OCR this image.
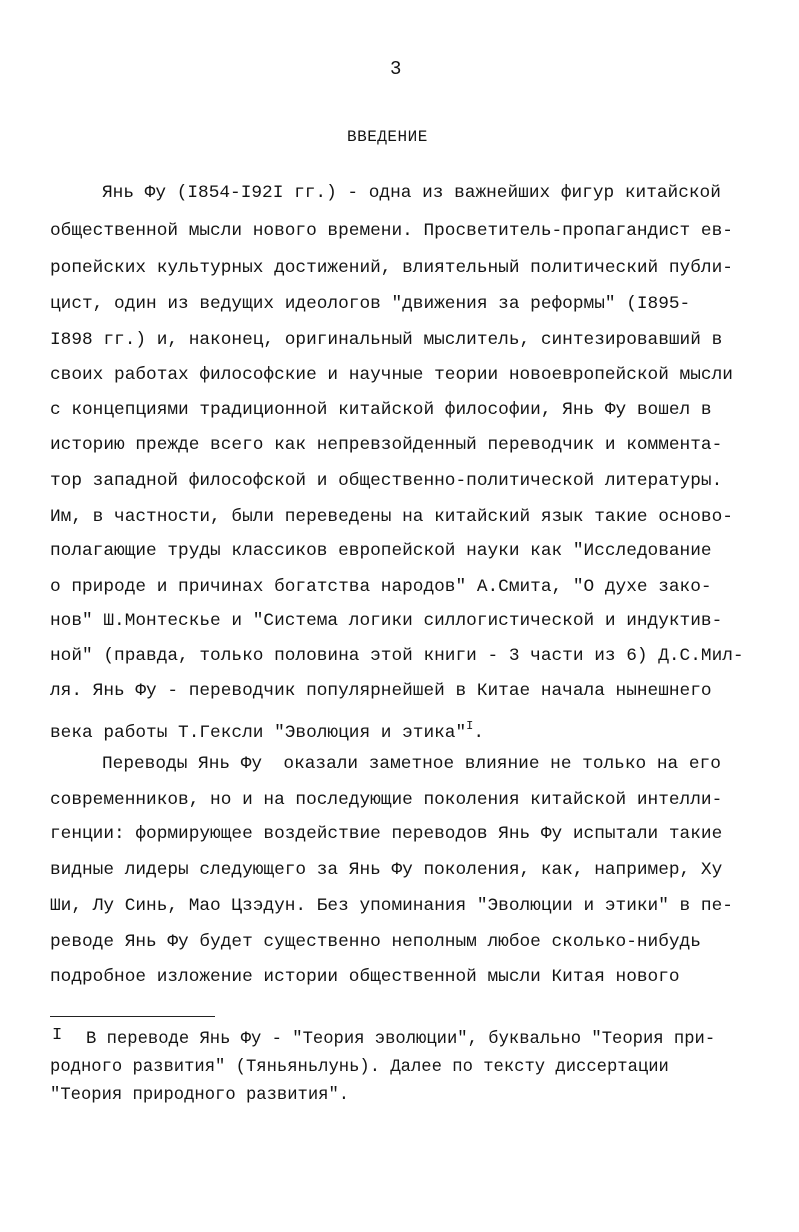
3
ВВЕДЕНИЕ
Янь Фу (I854-I92I гг.) - одна из важнейших фигур китайской
общественной мысли нового времени. Просветитель-пропагандист ев-
ропейских культурных достижений, влиятельный политический публи-
цист, один из ведущих идеологов "движения за реформы" (I895-
I898 гг.) и, наконец, оригинальный мыслитель, синтезировавший в
своих работах философские и научные теории новоевропейской мысли
с концепциями традиционной китайской философии, Янь Фу вошел в
историю прежде всего как непревзойденный переводчик и коммента-
тор западной философской и общественно-политической литературы.
Им, в частности, были переведены на китайский язык такие осново-
полагающие труды классиков европейской науки как "Исследование
о природе и причинах богатства народов" А.Смита, "О духе зако-
нов" Ш.Монтескье и "Система логики силлогистической и индуктив-
ной" (правда, только половина этой книги - 3 части из 6) Д.С.Мил-
ля. Янь Фу - переводчик популярнейшей в Китае начала нынешнего
века работы Т.Гексли "Эволюция и этика"$^I$.
Переводы Янь Фу  оказали заметное влияние не только на его
современников, но и на последующие поколения китайской интелли-
генции: формирующее воздействие переводов Янь Фу испытали такие
видные лидеры следующего за Янь Фу поколения, как, например, Ху
Ши, Лу Синь, Мао Цзэдун. Без упоминания "Эволюции и этики" в пе-
реводе Янь Фу будет существенно неполным любое сколько-нибудь
подробное изложение истории общественной мысли Китая нового
I В переводе Янь Фу - "Теория эволюции", буквально "Теория при-
родного развития" (Тяньяньлунь). Далее по тексту диссертации
"Теория природного развития".
